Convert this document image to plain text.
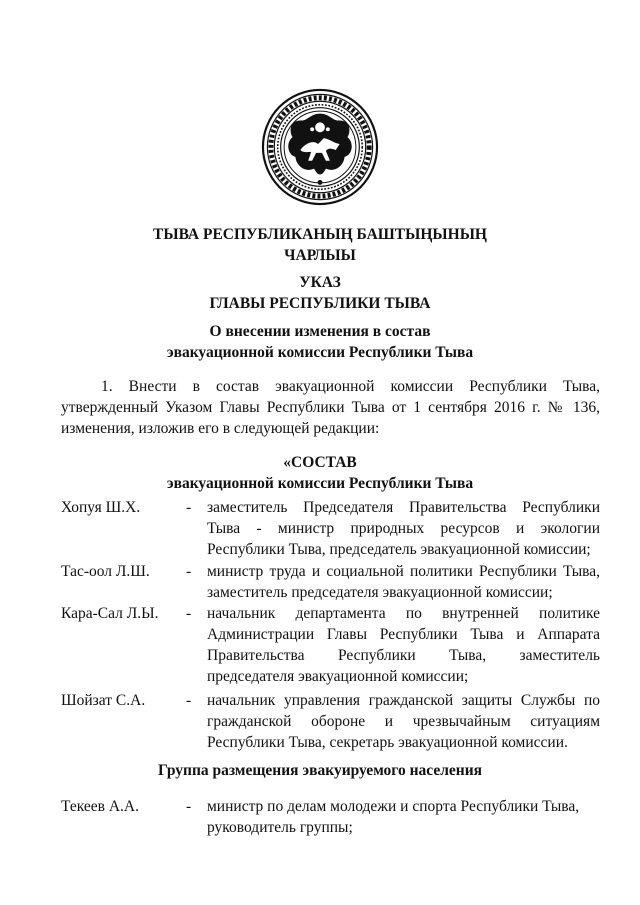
ТЫВА РЕСПУБЛИКАНЫҢ БАШТЫҢЫНЫҢ
ЧАРЛЫЫ
УКАЗ
ГЛАВЫ РЕСПУБЛИКИ ТЫВА
О внесении изменения в состав
эвакуационной комиссии Республики Тыва
1. Внести в состав эвакуационной комиссии Республики Тыва, утвержденный Указом Главы Республики Тыва от 1 сентября 2016 г. № 136, изменения, изложив его в следующей редакции:
«СОСТАВ
эвакуационной комиссии Республики Тыва
Хопуя Ш.Х.	- заместитель Председателя Правительства Республики Тыва - министр природных ресурсов и экологии Республики Тыва, председатель эвакуационной комиссии;
Тас-оол Л.Ш. - министр труда и социальной политики Республики Тыва, заместитель председателя эвакуационной комиссии;
Кара-Сал Л.Ы. - начальник департамента по внутренней политике Администрации Главы Республики Тыва и Аппарата Правительства Республики Тыва, заместитель председателя эвакуационной комиссии;
Шойзат С.А.	- начальник управления гражданской защиты Службы по гражданской обороне и чрезвычайным ситуациям Республики Тыва, секретарь эвакуационной комиссии.
Группа размещения эвакуируемого населения
Текеев А.А.	- министр по делам молодежи и спорта Республики Тыва, руководитель группы;
